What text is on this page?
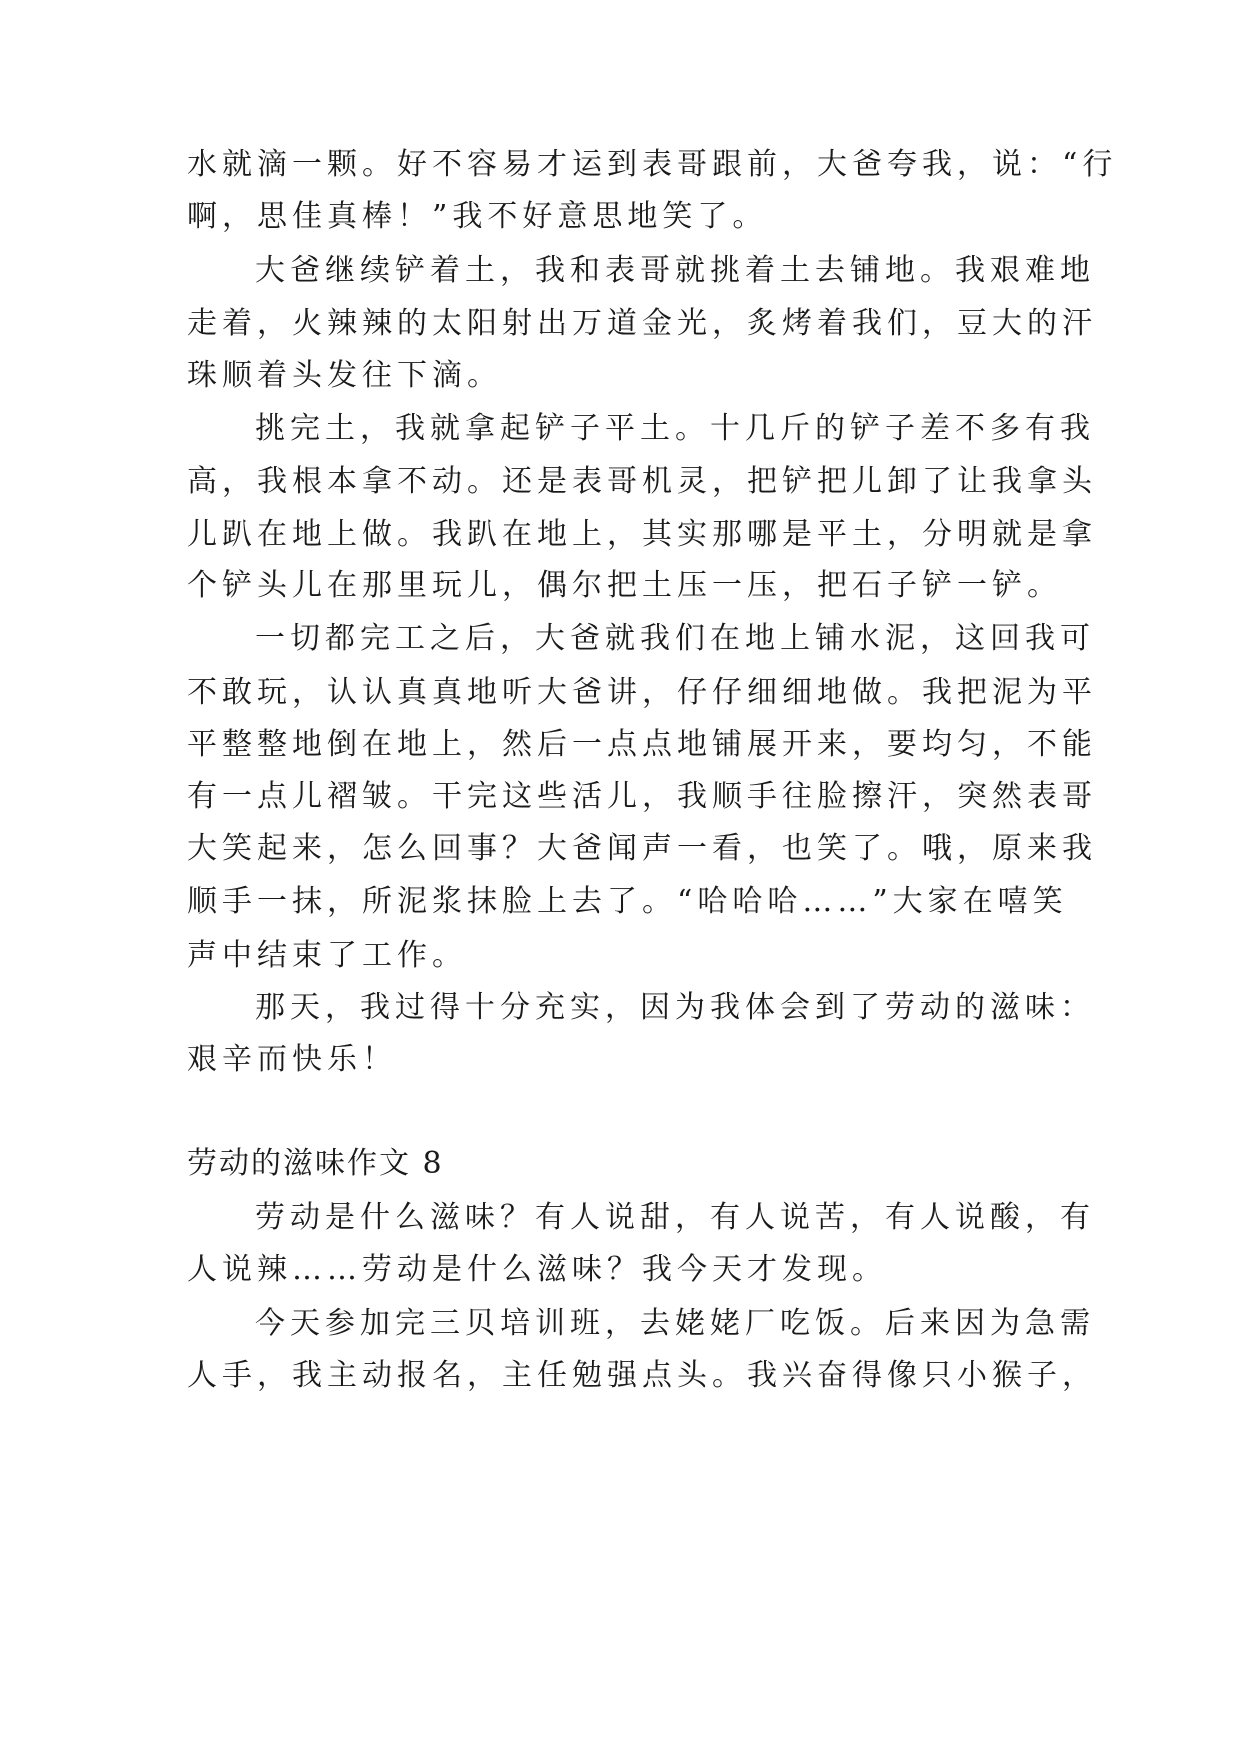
水就滴一颗。好不容易才运到表哥跟前，大爸夸我，说：“行
啊，思佳真棒！”我不好意思地笑了。
大爸继续铲着土，我和表哥就挑着土去铺地。我艰难地
走着，火辣辣的太阳射出万道金光，炙烤着我们，豆大的汗
珠顺着头发往下滴。
挑完土，我就拿起铲子平土。十几斤的铲子差不多有我
高，我根本拿不动。还是表哥机灵，把铲把儿卸了让我拿头
儿趴在地上做。我趴在地上，其实那哪是平土，分明就是拿
个铲头儿在那里玩儿，偶尔把土压一压，把石子铲一铲。
一切都完工之后，大爸就我们在地上铺水泥，这回我可
不敢玩，认认真真地听大爸讲，仔仔细细地做。我把泥为平
平整整地倒在地上，然后一点点地铺展开来，要均匀，不能
有一点儿褶皱。干完这些活儿，我顺手往脸擦汗，突然表哥
大笑起来，怎么回事？大爸闻声一看，也笑了。哦，原来我
顺手一抹，所泥浆抹脸上去了。“哈哈哈……”大家在嘻笑
声中结束了工作。
那天，我过得十分充实，因为我体会到了劳动的滋味：
艰辛而快乐！
劳动的滋味作文 8
劳动是什么滋味？有人说甜，有人说苦，有人说酸，有
人说辣……劳动是什么滋味？我今天才发现。
今天参加完三贝培训班，去姥姥厂吃饭。后来因为急需
人手，我主动报名，主任勉强点头。我兴奋得像只小猴子，
